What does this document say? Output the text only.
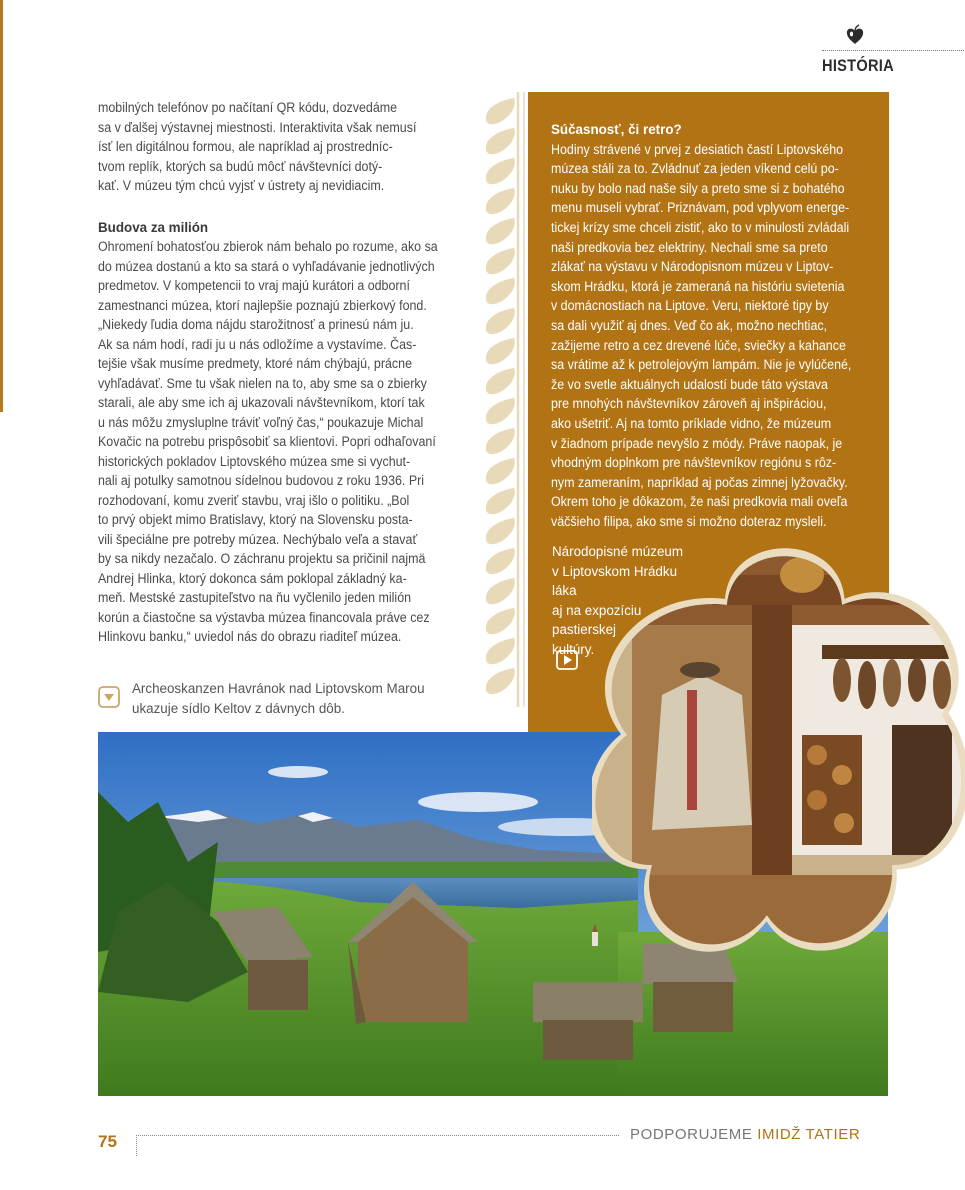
HISTÓRIA

mobilných telefónov po načítaní QR kódu, dozvedáme
sa v ďalšej výstavnej miestnosti. Interaktivita však nemusí
ísť len digitálnou formou, ale napríklad aj prostredníc-
tvom replík, ktorých sa budú môcť návštevníci dotý-
kať. V múzeu tým chcú vyjsť v ústrety aj nevidiacim.

Budova za milión

Ohromení bohatosťou zbierok nám behalo po rozume, ako sa
do múzea dostanú a kto sa stará o vyhľadávanie jednotlivých
predmetov. V kompetencii to vraj majú kurátori a odborní
zamestnanci múzea, ktorí najlepšie poznajú zbierkový fond.
„Niekedy ľudia doma nájdu starožitnosť a prinesú nám ju.
Ak sa nám hodí, radi ju u nás odložíme a vystavíme. Čas-
tejšie však musíme predmety, ktoré nám chýbajú, prácne
vyhľadávať. Sme tu však nielen na to, aby sme sa o zbierky
starali, ale aby sme ich aj ukazovali návštevníkom, ktorí tak
u nás môžu zmysluplne tráviť voľný čas,“ poukazuje Michal
Kovačic na potrebu prispôsobiť sa klientovi. Popri odhaľovaní
historických pokladov Liptovského múzea sme si vychut-
nali aj potulky samotnou sídelnou budovou z roku 1936. Pri
rozhodovaní, komu zveriť stavbu, vraj išlo o politiku. „Bol
to prvý objekt mimo Bratislavy, ktorý na Slovensku posta-
vili špeciálne pre potreby múzea. Nechýbalo veľa a stavať
by sa nikdy nezačalo. O záchranu projektu sa pričinil najmä
Andrej Hlinka, ktorý dokonca sám poklopal základný ka-
meň. Mestské zastupiteľstvo na ňu vyčlenilo jeden milión
korún a čiastočne sa výstavba múzea financovala práve cez
Hlinkovu banku,“ uviedol nás do obrazu riaditeľ múzea.

Súčasnosť, či retro?

Hodiny strávené v prvej z desiatich častí Liptovského
múzea stáli za to. Zvládnuť za jeden víkend celú po-
nuku by bolo nad naše sily a preto sme si z bohatého
menu museli vybrať. Priznávam, pod vplyvom energe-
tickej krízy sme chceli zistiť, ako to v minulosti zvládali
naši predkovia bez elektriny. Nechali sme sa preto
zlákať na výstavu v Národopisnom múzeu v Liptov-
skom Hrádku, ktorá je zameraná na históriu svietenia
v domácnostiach na Liptove. Veru, niektoré tipy by
sa dali využiť aj dnes. Veď čo ak, možno nechtiac,
zažijeme retro a cez drevené lúče, sviečky a kahance
sa vrátime až k petrolejovým lampám. Nie je vylúčené,
že vo svetle aktuálnych udalostí bude táto výstava
pre mnohých návštevníkov zároveň aj inšpiráciou,
ako ušetriť. Aj na tomto príklade vidno, že múzeum
v žiadnom prípade nevyšlo z módy. Práve naopak, je
vhodným doplnkom pre návštevníkov regiónu s rôz-
nym zameraním, napríklad aj počas zimnej lyžovačky.
Okrem toho je dôkazom, že naši predkovia mali oveľa
väčšieho filipa, ako sme si možno doteraz mysleli.

Národopisné múzeum
v Liptovskom Hrádku láka
aj na expozíciu
pastierskej
kultúry.
Archeoskanzen Havránok nad Liptovskom Marou
ukazuje sídlo Keltov z dávnych dôb.
75	PODPORUJEME IMIDŽ TATIER
